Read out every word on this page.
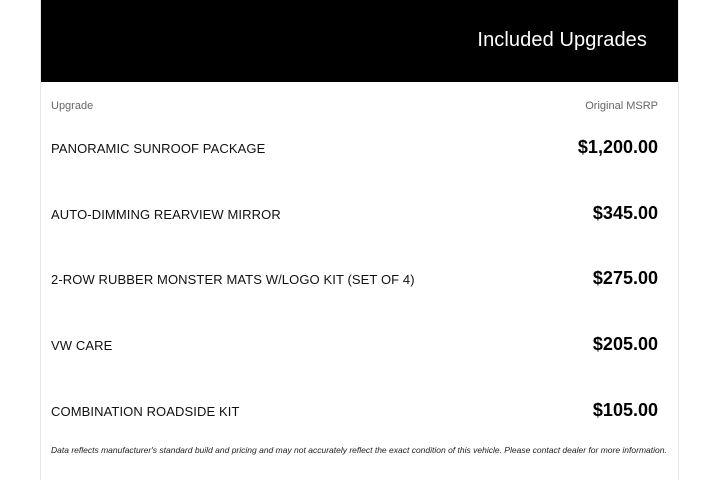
Included Upgrades
Upgrade	Original MSRP
PANORAMIC SUNROOF PACKAGE	$1,200.00
AUTO-DIMMING REARVIEW MIRROR	$345.00
2-ROW RUBBER MONSTER MATS W/LOGO KIT (SET OF 4)	$275.00
VW CARE	$205.00
COMBINATION ROADSIDE KIT	$105.00
Data reflects manufacturer's standard build and pricing and may not accurately reflect the exact condition of this vehicle. Please contact dealer for more information.
